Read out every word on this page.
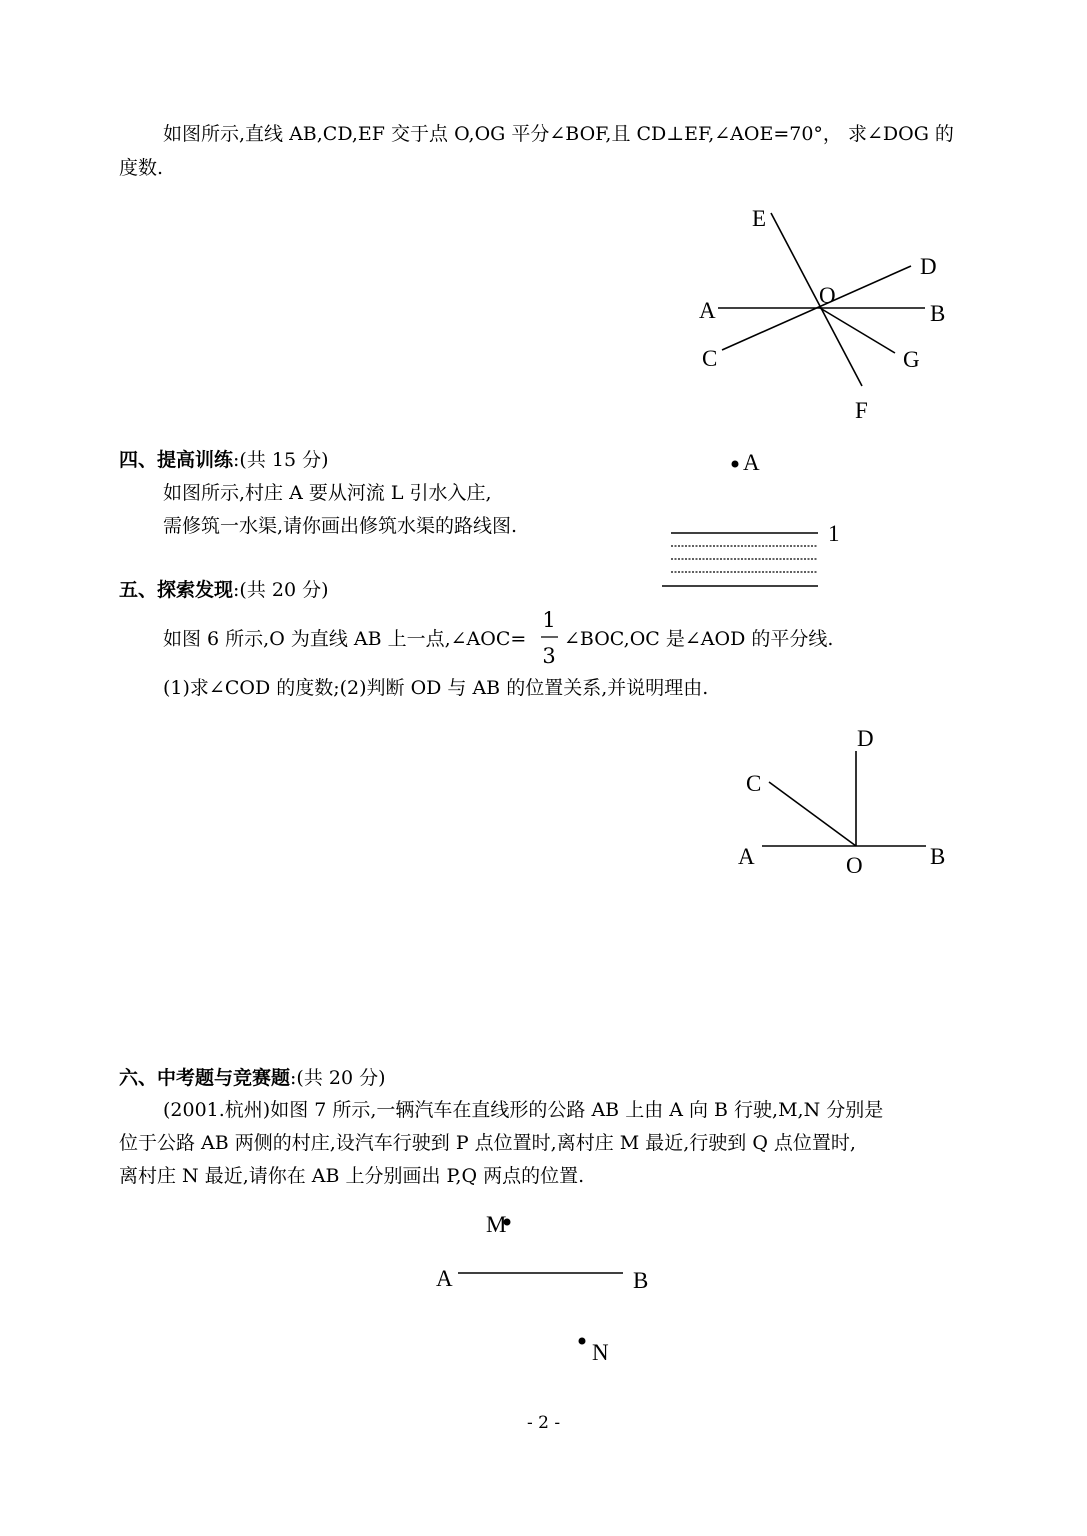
如图所示,直线 AB,CD,EF 交于点 O,OG 平分∠BOF,且 CD⊥EF,∠AOE=70°， 求∠DOG 的
度数.
E
D
O
A	B
C	G
F
四、提高训练:(共 15 分)
如图所示,村庄 A 要从河流 L 引水入庄,
需修筑一水渠,请你画出修筑水渠的路线图.
A
1
五、探索发现:(共 20 分)
如图 6 所示,O 为直线 AB 上一点,∠AOC=
1
3
∠BOC,OC 是∠AOD 的平分线.
(1)求∠COD 的度数;(2)判断 OD 与 AB 的位置关系,并说明理由.
D
C
A	O	B
六、中考题与竞赛题:(共 20 分)
(2001.杭州)如图 7 所示,一辆汽车在直线形的公路 AB 上由 A 向 B 行驶,M,N 分别是
位于公路 AB 两侧的村庄,设汽车行驶到 P 点位置时,离村庄 M 最近,行驶到 Q 点位置时,
离村庄 N 最近,请你在 AB 上分别画出 P,Q 两点的位置.
M
A	B
N
- 2 -
